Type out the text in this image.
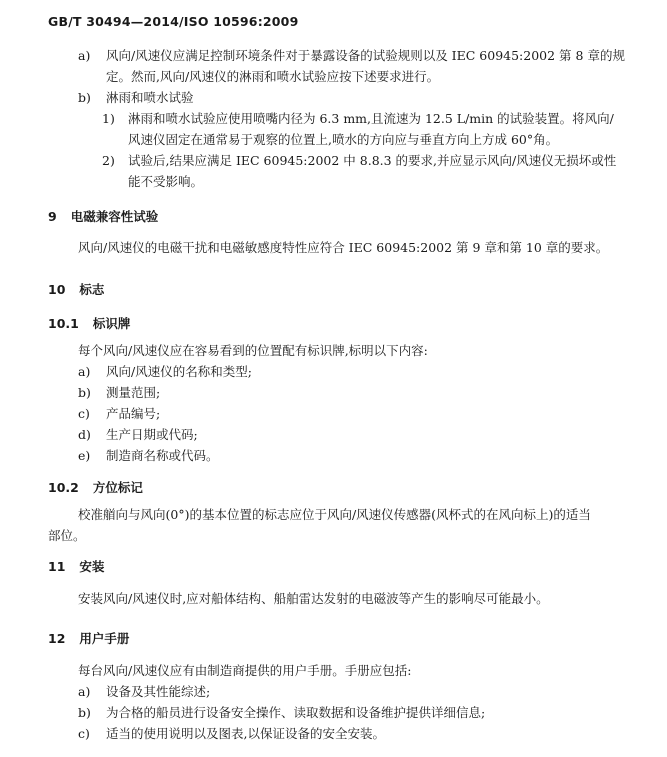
GB/T 30494—2014/ISO 10596:2009
a) 风向/风速仪应满足控制环境条件对于暴露设备的试验规则以及 IEC 60945:2002 第 8 章的规
定。然而,风向/风速仪的淋雨和喷水试验应按下述要求进行。
b) 淋雨和喷水试验
1) 淋雨和喷水试验应使用喷嘴内径为 6.3 mm,且流速为 12.5 L/min 的试验装置。将风向/
风速仪固定在通常易于观察的位置上,喷水的方向应与垂直方向上方成 60°角。
2) 试验后,结果应满足 IEC 60945:2002 中 8.8.3 的要求,并应显示风向/风速仪无损坏或性
能不受影响。
9 电磁兼容性试验
风向/风速仪的电磁干扰和电磁敏感度特性应符合 IEC 60945:2002 第 9 章和第 10 章的要求。
10 标志
10.1 标识牌
每个风向/风速仪应在容易看到的位置配有标识牌,标明以下内容:
a) 风向/风速仪的名称和类型;
b) 测量范围;
c) 产品编号;
d) 生产日期或代码;
e) 制造商名称或代码。
10.2 方位标记
校准艏向与风向(0°)的基本位置的标志应位于风向/风速仪传感器(风杯式的在风向标上)的适当
部位。
11 安装
安装风向/风速仪时,应对船体结构、船舶雷达发射的电磁波等产生的影响尽可能最小。
12 用户手册
每台风向/风速仪应有由制造商提供的用户手册。手册应包括:
a) 设备及其性能综述;
b) 为合格的船员进行设备安全操作、读取数据和设备维护提供详细信息;
c) 适当的使用说明以及图表,以保证设备的安全安装。
